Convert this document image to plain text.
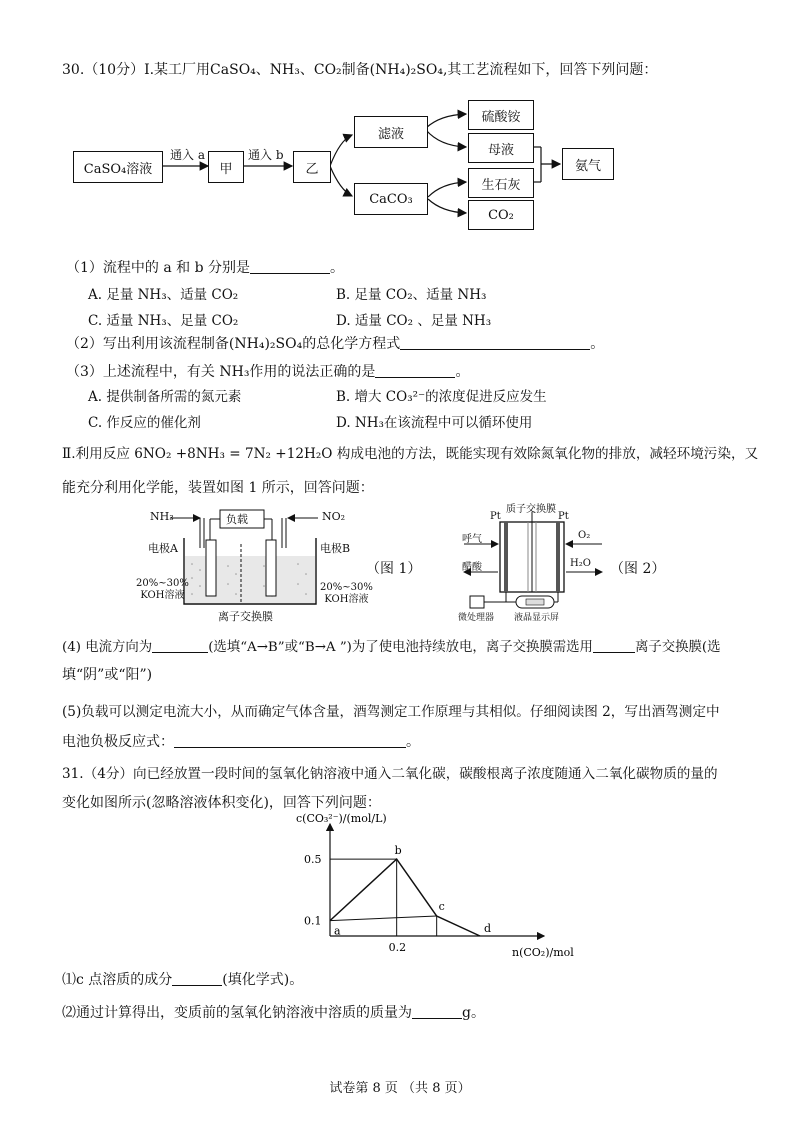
30.（10分）Ⅰ.某工厂用CaSO₄、NH₃、CO₂制备(NH₄)₂SO₄,其工艺流程如下，回答下列问题：
CaSO₄溶液
通入 a
甲
通入 b
乙
滤液
CaCO₃
硫酸铵
母液
生石灰
CO₂
氨气
（1）流程中的 a 和 b 分别是	。
A. 足量 NH₃、适量 CO₂	B. 足量 CO₂、适量 NH₃
C. 适量 NH₃、足量 CO₂	D. 适量 CO₂ 、足量 NH₃
（2）写出利用该流程制备(NH₄)₂SO₄的总化学方程式	。
（3）上述流程中，有关 NH₃作用的说法正确的是	。
A. 提供制备所需的氮元素	B. 增大 CO₃²⁻的浓度促进反应发生
C. 作反应的催化剂	D. NH₃在该流程中可以循环使用
Ⅱ.利用反应 6NO₂ +8NH₃ = 7N₂ +12H₂O 构成电池的方法，既能实现有效除氮氧化物的排放，减轻环境污染，又
能充分利用化学能，装置如图 1 所示，回答问题：
NH₃	负载	NO₂
电极A	电极B
20%~30%
KOH溶液
20%~30%
KOH溶液
离子交换膜
（图 1）
质子交换膜
Pt	Pt
呼气	O₂
醋酸	H₂O
微处理器 液晶显示屏
（图 2）
(4) 电流方向为	(选填“A→B”或“B→A ”)为了使电池持续放电，离子交换膜需选用	离子交换膜(选
填“阴”或“阳”)
(5)负载可以测定电流大小，从而确定气体含量，酒驾测定工作原理与其相似。仔细阅读图 2，写出酒驾测定中
电池负极反应式：	。
31.（4分）向已经放置一段时间的氢氧化钠溶液中通入二氧化碳，碳酸根离子浓度随通入二氧化碳物质的量的
变化如图所示(忽略溶液体积变化)，回答下列问题：
a
b
c
d
0.5
0.1
0.2
c(CO₃²⁻)/(mol/L)
n(CO₂)/mol
⑴c 点溶质的成分	(填化学式)。
⑵通过计算得出，变质前的氢氧化钠溶液中溶质的质量为	g。
试卷第 8 页 （共 8 页）
